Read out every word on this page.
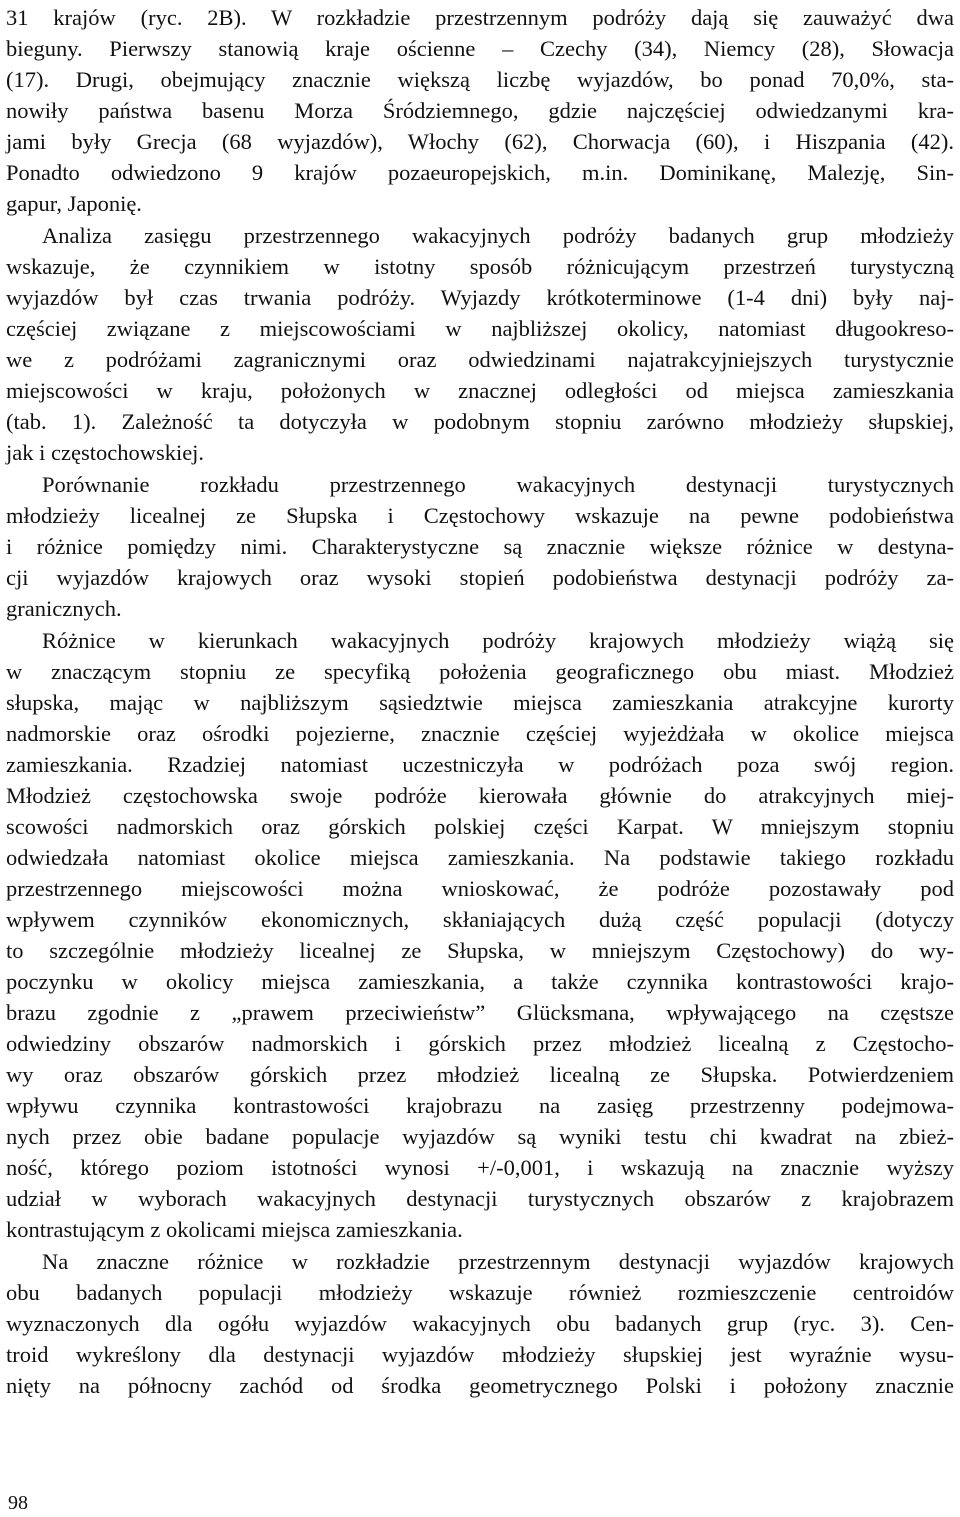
31 krajów (ryc. 2B). W rozkładzie przestrzennym podróży dają się zauważyć dwa
bieguny. Pierwszy stanowią kraje ościenne – Czechy (34), Niemcy (28), Słowacja
(17). Drugi, obejmujący znacznie większą liczbę wyjazdów, bo ponad 70,0%, sta-
nowiły państwa basenu Morza Śródziemnego, gdzie najczęściej odwiedzanymi kra-
jami były Grecja (68 wyjazdów), Włochy (62), Chorwacja (60), i Hiszpania (42).
Ponadto odwiedzono 9 krajów pozaeuropejskich, m.in. Dominikanę, Malezję, Sin-
gapur, Japonię.
Analiza zasięgu przestrzennego wakacyjnych podróży badanych grup młodzieży
wskazuje, że czynnikiem w istotny sposób różnicującym przestrzeń turystyczną
wyjazdów był czas trwania podróży. Wyjazdy krótkoterminowe (1-4 dni) były naj-
częściej związane z miejscowościami w najbliższej okolicy, natomiast długookreso-
we z podróżami zagranicznymi oraz odwiedzinami najatrakcyjniejszych turystycznie
miejscowości w kraju, położonych w znacznej odległości od miejsca zamieszkania
(tab. 1). Zależność ta dotyczyła w podobnym stopniu zarówno młodzieży słupskiej,
jak i częstochowskiej.
Porównanie rozkładu przestrzennego wakacyjnych destynacji turystycznych
młodzieży licealnej ze Słupska i Częstochowy wskazuje na pewne podobieństwa
i różnice pomiędzy nimi. Charakterystyczne są znacznie większe różnice w destyna-
cji wyjazdów krajowych oraz wysoki stopień podobieństwa destynacji podróży za-
granicznych.
Różnice w kierunkach wakacyjnych podróży krajowych młodzieży wiążą się
w znaczącym stopniu ze specyfiką położenia geograficznego obu miast. Młodzież
słupska, mając w najbliższym sąsiedztwie miejsca zamieszkania atrakcyjne kurorty
nadmorskie oraz ośrodki pojezierne, znacznie częściej wyjeżdżała w okolice miejsca
zamieszkania. Rzadziej natomiast uczestniczyła w podróżach poza swój region.
Młodzież częstochowska swoje podróże kierowała głównie do atrakcyjnych miej-
scowości nadmorskich oraz górskich polskiej części Karpat. W mniejszym stopniu
odwiedzała natomiast okolice miejsca zamieszkania. Na podstawie takiego rozkładu
przestrzennego miejscowości można wnioskować, że podróże pozostawały pod
wpływem czynników ekonomicznych, skłaniających dużą część populacji (dotyczy
to szczególnie młodzieży licealnej ze Słupska, w mniejszym Częstochowy) do wy-
poczynku w okolicy miejsca zamieszkania, a także czynnika kontrastowości krajo-
brazu zgodnie z „prawem przeciwieństw” Glücksmana, wpływającego na częstsze
odwiedziny obszarów nadmorskich i górskich przez młodzież licealną z Częstocho-
wy oraz obszarów górskich przez młodzież licealną ze Słupska. Potwierdzeniem
wpływu czynnika kontrastowości krajobrazu na zasięg przestrzenny podejmowa-
nych przez obie badane populacje wyjazdów są wyniki testu chi kwadrat na zbież-
ność, którego poziom istotności wynosi +/-0,001, i wskazują na znacznie wyższy
udział w wyborach wakacyjnych destynacji turystycznych obszarów z krajobrazem
kontrastującym z okolicami miejsca zamieszkania.
Na znaczne różnice w rozkładzie przestrzennym destynacji wyjazdów krajowych
obu badanych populacji młodzieży wskazuje również rozmieszczenie centroidów
wyznaczonych dla ogółu wyjazdów wakacyjnych obu badanych grup (ryc. 3). Cen-
troid wykreślony dla destynacji wyjazdów młodzieży słupskiej jest wyraźnie wysu-
nięty na północny zachód od środka geometrycznego Polski i położony znacznie
98
